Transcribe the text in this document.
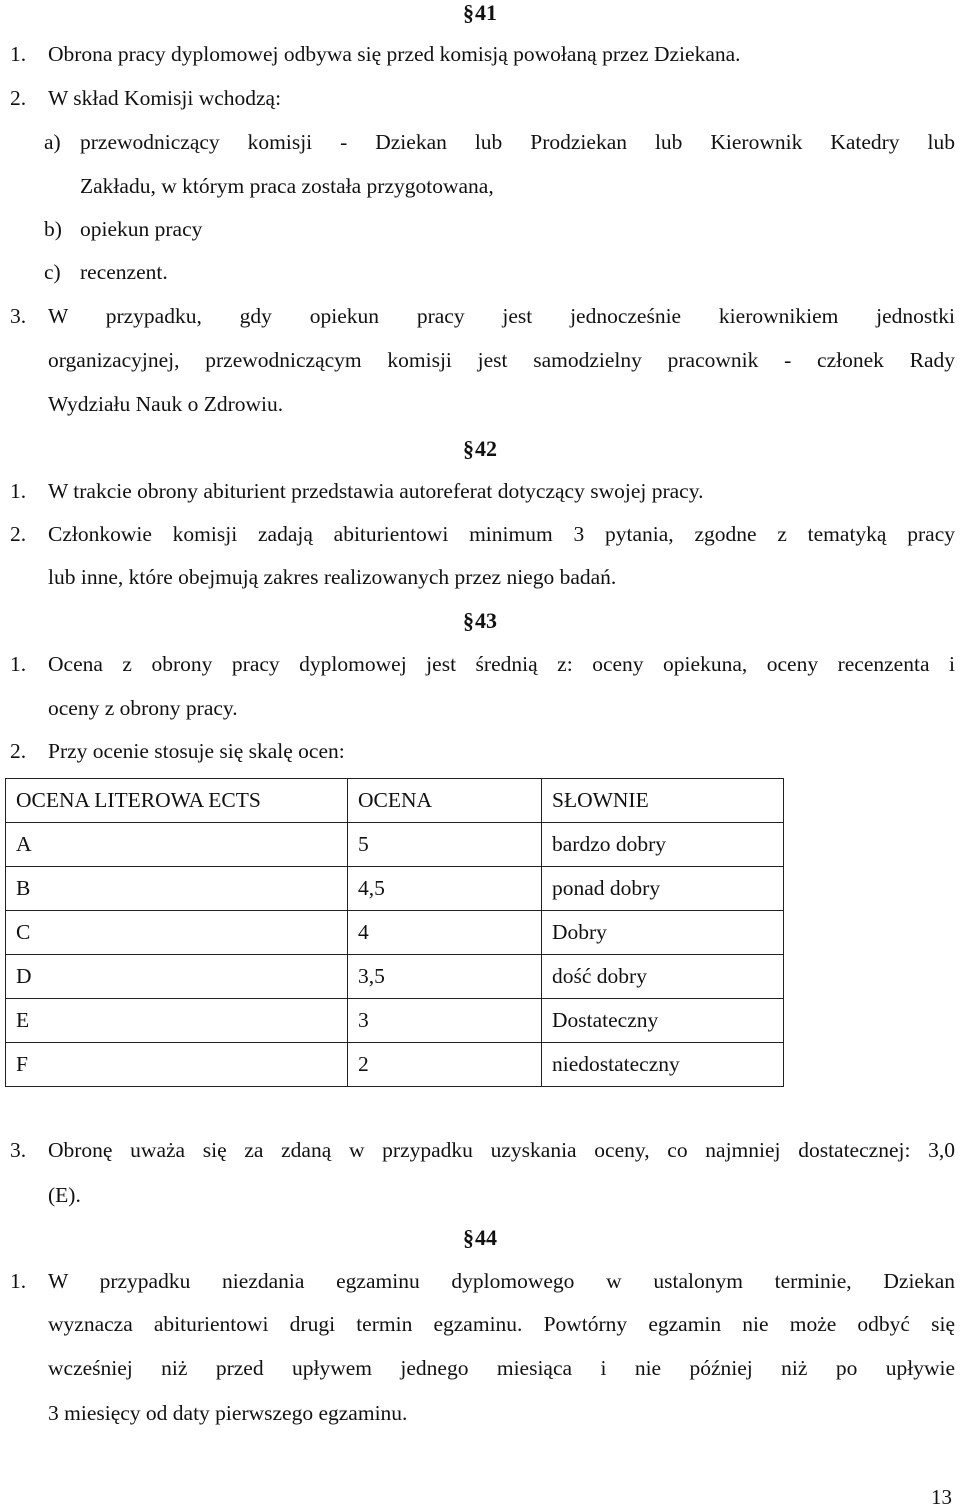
§41
1. Obrona pracy dyplomowej odbywa się przed komisją powołaną przez Dziekana.
2. W skład Komisji wchodzą:
a) przewodniczący komisji - Dziekan lub Prodziekan lub Kierownik Katedry lub
Zakładu, w którym praca została przygotowana,
b) opiekun pracy
c) recenzent.
3. W przypadku, gdy opiekun pracy jest jednocześnie kierownikiem jednostki
organizacyjnej, przewodniczącym komisji jest samodzielny pracownik - członek Rady
Wydziału Nauk o Zdrowiu.
§42
1. W trakcie obrony abiturient przedstawia autoreferat dotyczący swojej pracy.
2. Członkowie komisji zadają abiturientowi minimum 3 pytania, zgodne z tematyką pracy
lub inne, które obejmują zakres realizowanych przez niego badań.
§43
1. Ocena z obrony pracy dyplomowej jest średnią z: oceny opiekuna, oceny recenzenta i
oceny z obrony pracy.
2. Przy ocenie stosuje się skalę ocen:
OCENA LITEROWA ECTS	OCENA	SŁOWNIE
A	5	bardzo dobry
B	4,5	ponad dobry
C	4	Dobry
D	3,5	dość dobry
E	3	Dostateczny
F	2	niedostateczny
3. Obronę uważa się za zdaną w przypadku uzyskania oceny, co najmniej dostatecznej: 3,0
(E).
§44
1. W przypadku niezdania egzaminu dyplomowego w ustalonym terminie, Dziekan
wyznacza abiturientowi drugi termin egzaminu. Powtórny egzamin nie może odbyć się
wcześniej niż przed upływem jednego miesiąca i nie później niż po upływie
3 miesięcy od daty pierwszego egzaminu.
13
